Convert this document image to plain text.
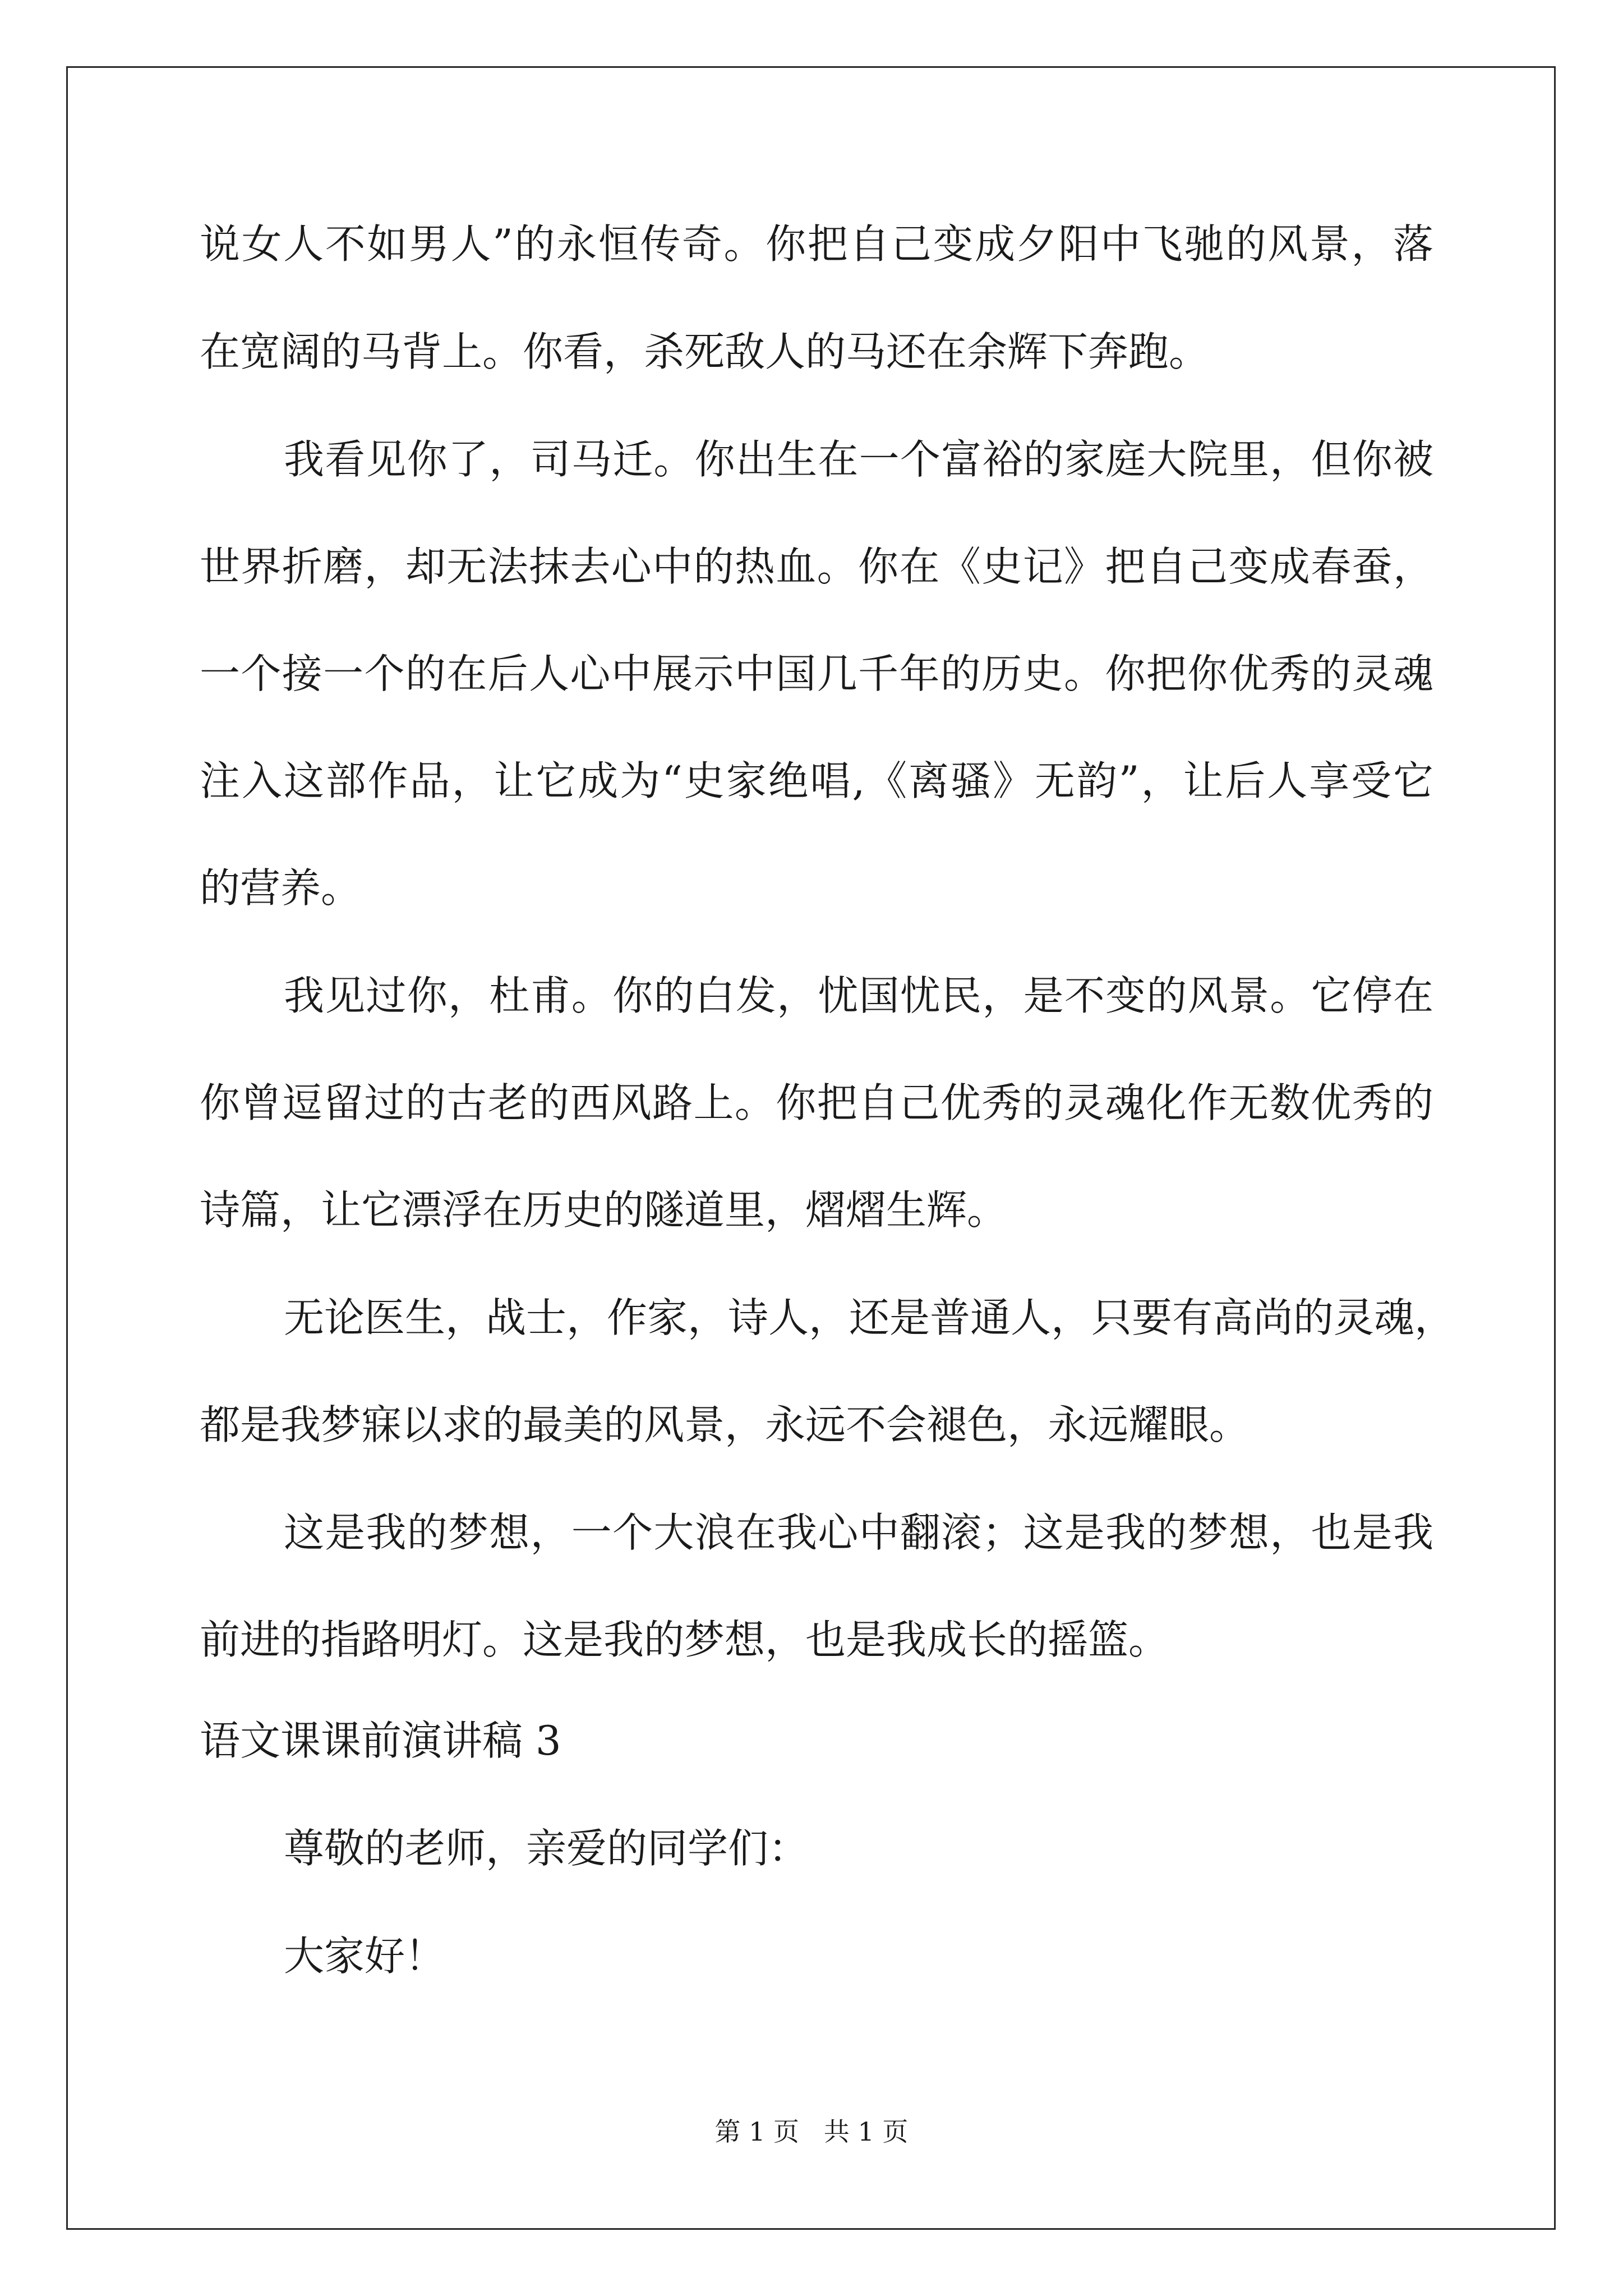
说女人不如男人”的永恒传奇。你把自己变成夕阳中飞驰的风景，落
在宽阔的马背上。你看，杀死敌人的马还在余辉下奔跑。
我看见你了，司马迁。你出生在一个富裕的家庭大院里，但你被
世界折磨，却无法抹去心中的热血。你在《史记》把自己变成春蚕，
一个接一个的在后人心中展示中国几千年的历史。你把你优秀的灵魂
注入这部作品，让它成为“史家绝唱,《离骚》无韵”，让后人享受它
的营养。
我见过你，杜甫。你的白发，忧国忧民，是不变的风景。它停在
你曾逗留过的古老的西风路上。你把自己优秀的灵魂化作无数优秀的
诗篇，让它漂浮在历史的隧道里，熠熠生辉。
无论医生，战士，作家，诗人，还是普通人，只要有高尚的灵魂，
都是我梦寐以求的最美的风景，永远不会褪色，永远耀眼。
这是我的梦想，一个大浪在我心中翻滚；这是我的梦想，也是我
前进的指路明灯。这是我的梦想，也是我成长的摇篮。
语文课课前演讲稿 3
尊敬的老师，亲爱的同学们：
大家好！
第 1 页   共 1 页
